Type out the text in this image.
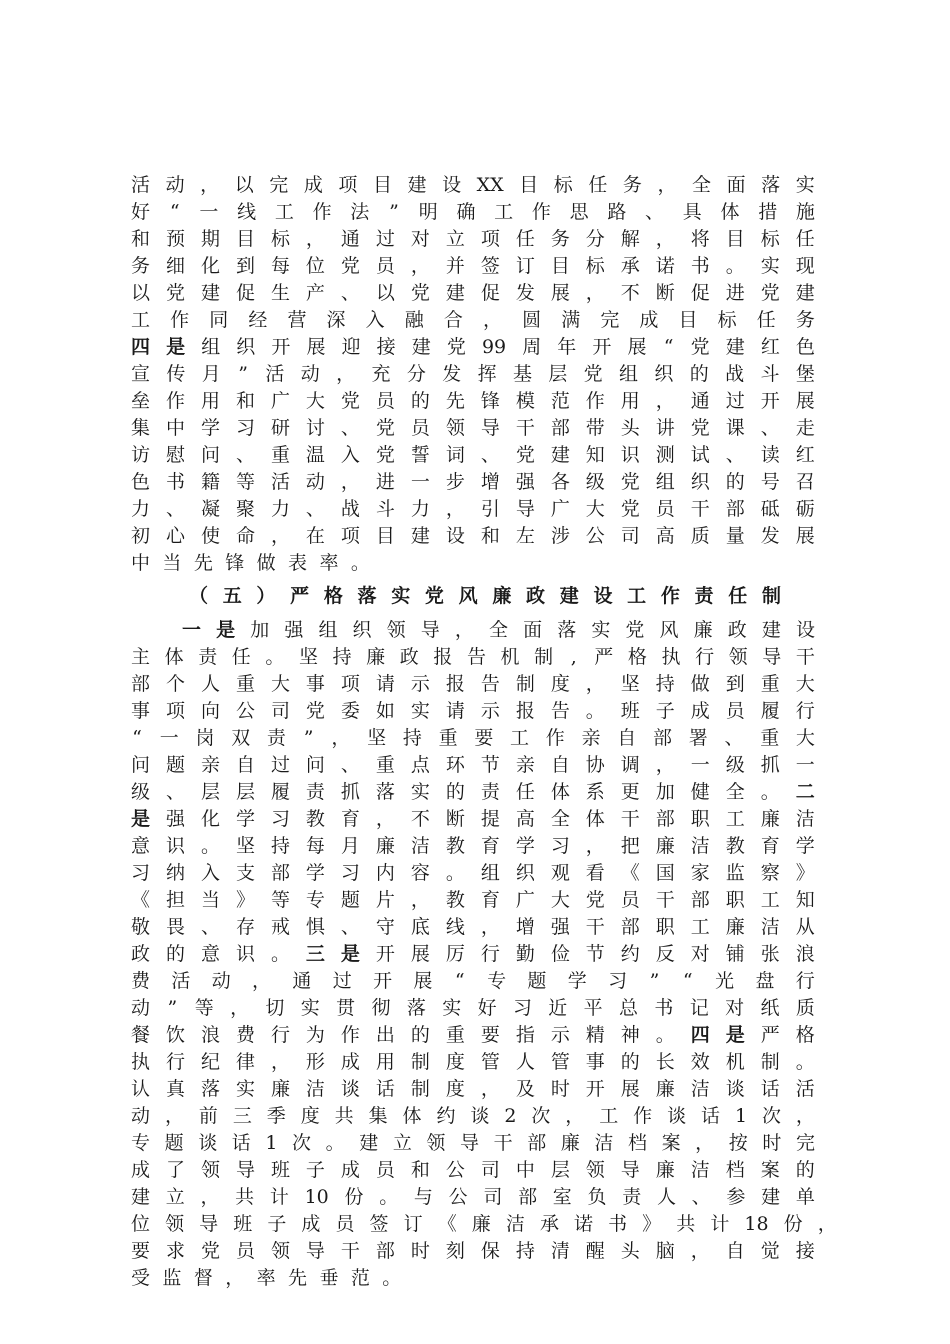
活 动 ， 以 完 成 项 目 建 设 XX 目 标 任 务 ， 全 面 落 实
好 “ 一 线 工 作 法 ” 明 确 工 作 思 路 、 具 体 措 施
和 预 期 目 标 ， 通 过 对 立 项 任 务 分 解 ， 将 目 标 任
务 细 化 到 每 位 党 员 ， 并 签 订 目 标 承 诺 书 。 实 现
以 党 建 促 生 产 、 以 党 建 促 发 展 ， 不 断 促 进 党 建
工 作 同 经 营 深 入 融 合 ， 圆 满 完 成 目 标 任 务
四 是 组 织 开 展 迎 接 建 党 99 周 年 开 展 “ 党 建 红 色
宣 传 月 ” 活 动 ， 充 分 发 挥 基 层 党 组 织 的 战 斗 堡
垒 作 用 和 广 大 党 员 的 先 锋 模 范 作 用 ， 通 过 开 展
集 中 学 习 研 讨 、 党 员 领 导 干 部 带 头 讲 党 课 、 走
访 慰 问 、 重 温 入 党 誓 词 、 党 建 知 识 测 试 、 读 红
色 书 籍 等 活 动 ， 进 一 步 增 强 各 级 党 组 织 的 号 召
力 、 凝 聚 力 、 战 斗 力 ， 引 导 广 大 党 员 干 部 砥 砺
初 心 使 命 ， 在 项 目 建 设 和 左 涉 公 司 高 质 量 发 展
中 当 先 锋 做 表 率 。
（ 五 ） 严 格 落 实 党 风 廉 政 建 设 工 作 责 任 制
一 是 加 强 组 织 领 导 ， 全 面 落 实 党 风 廉 政 建 设
主 体 责 任 。 坚 持 廉 政 报 告 机 制 , 严 格 执 行 领 导 干
部 个 人 重 大 事 项 请 示 报 告 制 度 ， 坚 持 做 到 重 大
事 项 向 公 司 党 委 如 实 请 示 报 告 。 班 子 成 员 履 行
“ 一 岗 双 责 ” ， 坚 持 重 要 工 作 亲 自 部 署 、 重 大
问 题 亲 自 过 问 、 重 点 环 节 亲 自 协 调 ， 一 级 抓 一
级 、 层 层 履 责 抓 落 实 的 责 任 体 系 更 加 健 全 。 二
是 强 化 学 习 教 育 ， 不 断 提 高 全 体 干 部 职 工 廉 洁
意 识 。 坚 持 每 月 廉 洁 教 育 学 习 ， 把 廉 洁 教 育 学
习 纳 入 支 部 学 习 内 容 。 组 织 观 看 《 国 家 监 察 》
《 担 当 》 等 专 题 片 ， 教 育 广 大 党 员 干 部 职 工 知
敬 畏 、 存 戒 惧 、 守 底 线 ， 增 强 干 部 职 工 廉 洁 从
政 的 意 识 。 三 是 开 展 厉 行 勤 俭 节 约 反 对 铺 张 浪
费 活 动 ， 通 过 开 展 “ 专 题 学 习 ” “ 光 盘 行
动 ” 等 ， 切 实 贯 彻 落 实 好 习 近 平 总 书 记 对 纸 质
餐 饮 浪 费 行 为 作 出 的 重 要 指 示 精 神 。 四 是 严 格
执 行 纪 律 ， 形 成 用 制 度 管 人 管 事 的 长 效 机 制 。
认 真 落 实 廉 洁 谈 话 制 度 ， 及 时 开 展 廉 洁 谈 话 活
动 ， 前 三 季 度 共 集 体 约 谈 2 次 ， 工 作 谈 话 1 次 ，
专 题 谈 话 1 次 。 建 立 领 导 干 部 廉 洁 档 案 ， 按 时 完
成 了 领 导 班 子 成 员 和 公 司 中 层 领 导 廉 洁 档 案 的
建 立 ， 共 计 10 份 。 与 公 司 部 室 负 责 人 、 参 建 单
位 领 导 班 子 成 员 签 订 《 廉 洁 承 诺 书 》 共 计 18 份 ，
要 求 党 员 领 导 干 部 时 刻 保 持 清 醒 头 脑 ， 自 觉 接
受 监 督 ， 率 先 垂 范 。
